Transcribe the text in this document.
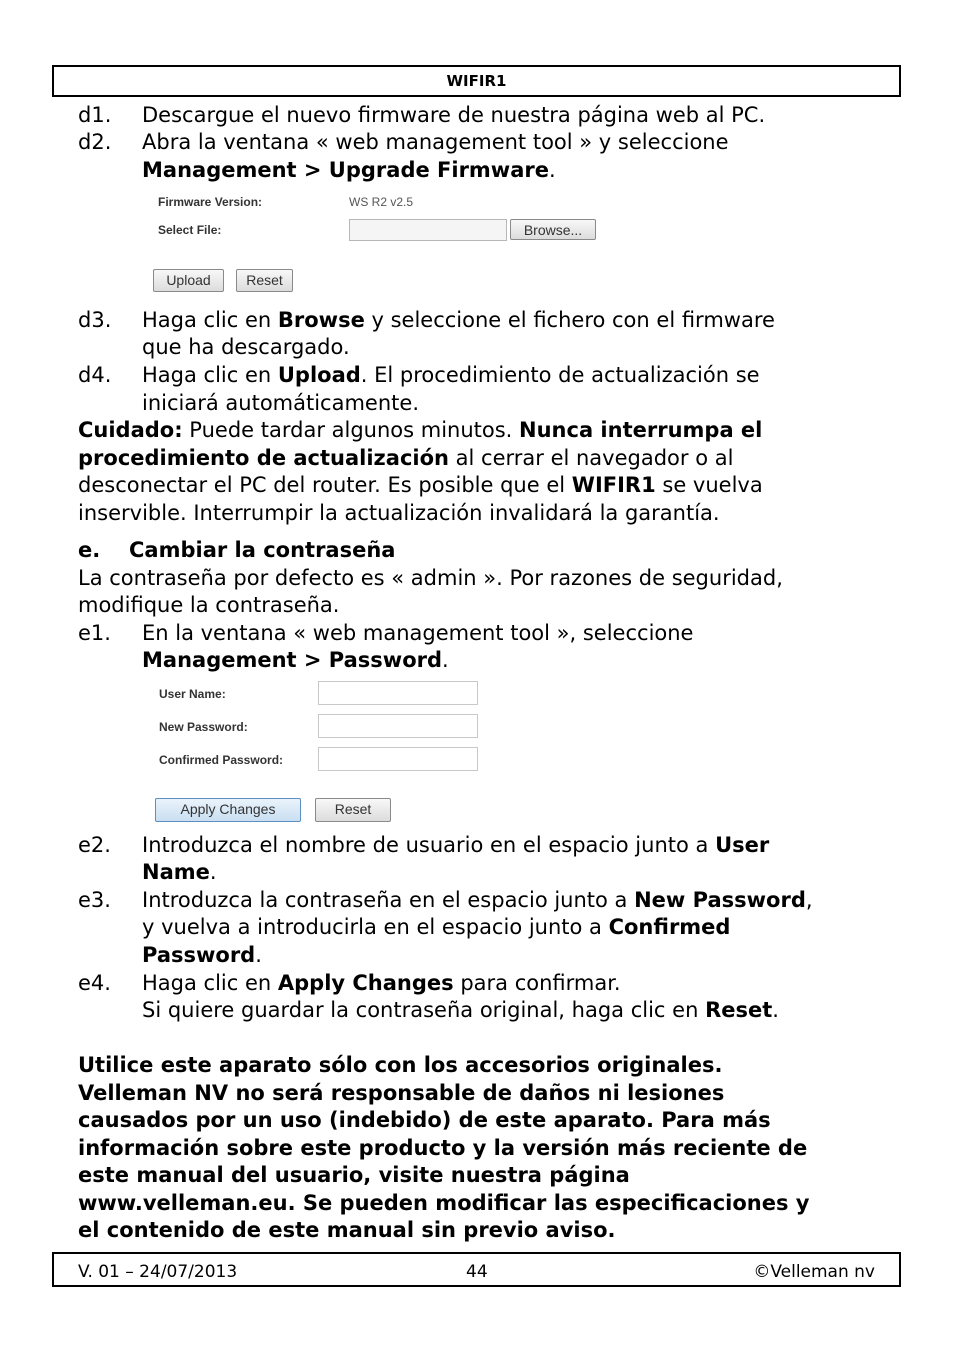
WIFIR1
d1. Descargue el nuevo firmware de nuestra página web al PC.
d2. Abra la ventana « web management tool » y seleccione
Management > Upgrade Firmware.
Firmware Version:	WS R2 v2.5
Select File:	Browse...
Upload	Reset
d3. Haga clic en Browse y seleccione el fichero con el firmware
que ha descargado.
d4. Haga clic en Upload. El procedimiento de actualización se
iniciará automáticamente.
Cuidado: Puede tardar algunos minutos. Nunca interrumpa el
procedimiento de actualización al cerrar el navegador o al
desconectar el PC del router. Es posible que el WIFIR1 se vuelva
inservible. Interrumpir la actualización invalidará la garantía.
e. Cambiar la contraseña
La contraseña por defecto es « admin ». Por razones de seguridad,
modifique la contraseña.
e1. En la ventana « web management tool », seleccione
Management > Password.
User Name:
New Password:
Confirmed Password:
Apply Changes	Reset
e2. Introduzca el nombre de usuario en el espacio junto a User
Name.
e3. Introduzca la contraseña en el espacio junto a New Password,
y vuelva a introducirla en el espacio junto a Confirmed
Password.
e4. Haga clic en Apply Changes para confirmar.
Si quiere guardar la contraseña original, haga clic en Reset.
Utilice este aparato sólo con los accesorios originales.
Velleman NV no será responsable de daños ni lesiones
causados por un uso (indebido) de este aparato. Para más
información sobre este producto y la versión más reciente de
este manual del usuario, visite nuestra página
www.velleman.eu. Se pueden modificar las especificaciones y
el contenido de este manual sin previo aviso.
V. 01 – 24/07/2013	44	©Velleman nv
